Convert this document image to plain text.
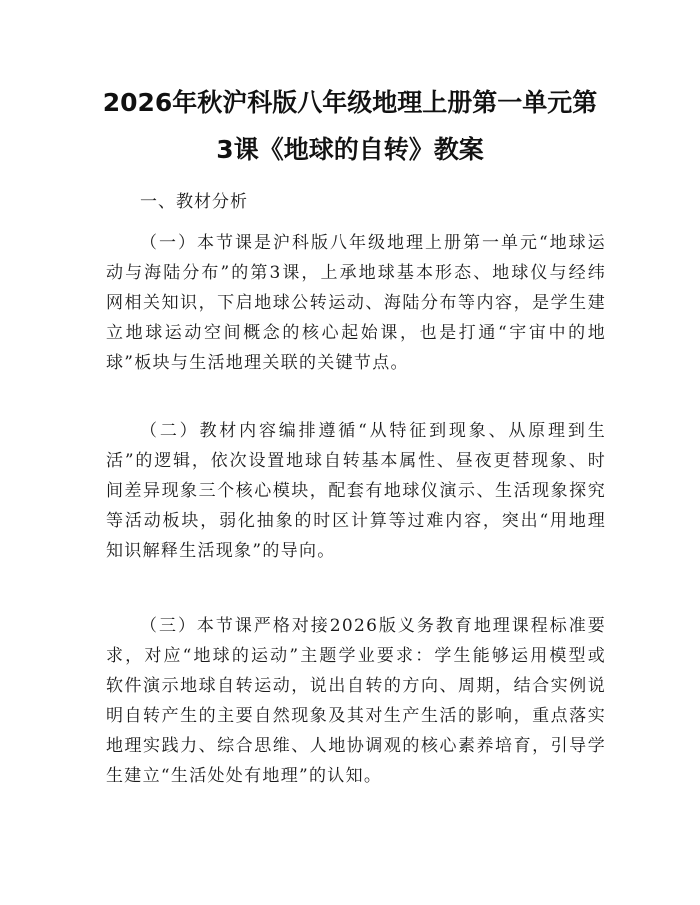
2026年秋沪科版八年级地理上册第一单元第
3课《地球的自转》教案
一、教材分析
（一）本节课是沪科版八年级地理上册第一单元“地球运
动与海陆分布”的第3课，上承地球基本形态、地球仪与经纬
网相关知识，下启地球公转运动、海陆分布等内容，是学生建
立地球运动空间概念的核心起始课，也是打通“宇宙中的地
球”板块与生活地理关联的关键节点。
（二）教材内容编排遵循“从特征到现象、从原理到生
活”的逻辑，依次设置地球自转基本属性、昼夜更替现象、时
间差异现象三个核心模块，配套有地球仪演示、生活现象探究
等活动板块，弱化抽象的时区计算等过难内容，突出“用地理
知识解释生活现象”的导向。
（三）本节课严格对接2026版义务教育地理课程标准要
求，对应“地球的运动”主题学业要求：学生能够运用模型或
软件演示地球自转运动，说出自转的方向、周期，结合实例说
明自转产生的主要自然现象及其对生产生活的影响，重点落实
地理实践力、综合思维、人地协调观的核心素养培育，引导学
生建立“生活处处有地理”的认知。
